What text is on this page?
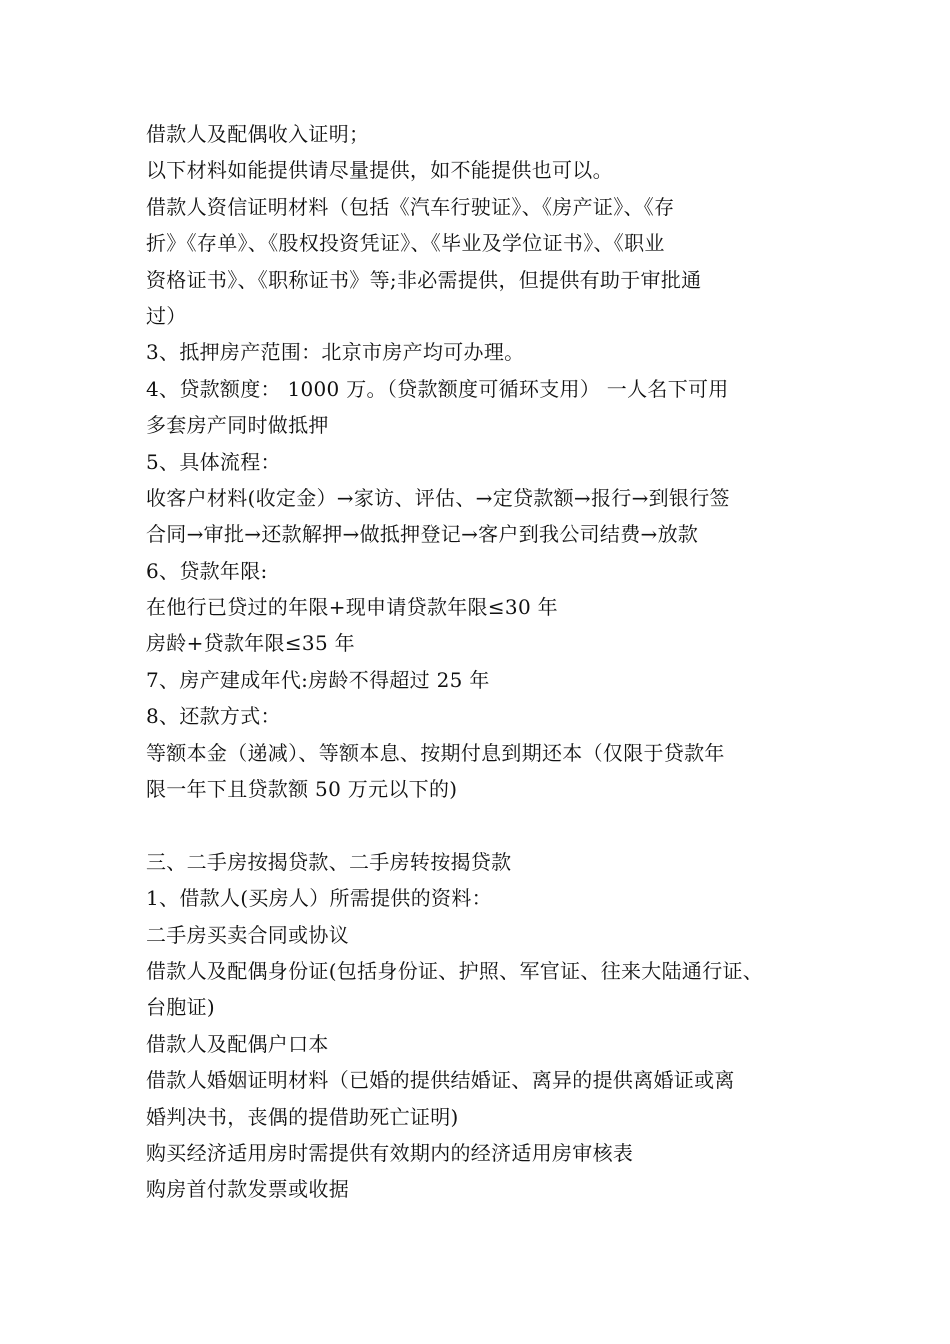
借款人及配偶收入证明；
以下材料如能提供请尽量提供，如不能提供也可以。
借款人资信证明材料（包括《汽车行驶证》、《房产证》、《存
折》《存单》、《股权投资凭证》、《毕业及学位证书》、《职业
资格证书》、《职称证书》等;非必需提供，但提供有助于审批通
过）
3、抵押房产范围：北京市房产均可办理。
4、贷款额度： 1000 万。（贷款额度可循环支用） 一人名下可用
多套房产同时做抵押
5、具体流程：
收客户材料(收定金）→家访、评估、→定贷款额→报行→到银行签
合同→审批→还款解押→做抵押登记→客户到我公司结费→放款
6、贷款年限:
在他行已贷过的年限+现申请贷款年限≤30 年
房龄+贷款年限≤35 年
7、房产建成年代:房龄不得超过 25 年
8、还款方式：
等额本金（递减）、等额本息、按期付息到期还本（仅限于贷款年
限一年下且贷款额 50 万元以下的)
三、二手房按揭贷款、二手房转按揭贷款
1、借款人(买房人）所需提供的资料：
二手房买卖合同或协议
借款人及配偶身份证(包括身份证、护照、军官证、往来大陆通行证、
台胞证)
借款人及配偶户口本
借款人婚姻证明材料（已婚的提供结婚证、离异的提供离婚证或离
婚判决书，丧偶的提借助死亡证明)
购买经济适用房时需提供有效期内的经济适用房审核表
购房首付款发票或收据
